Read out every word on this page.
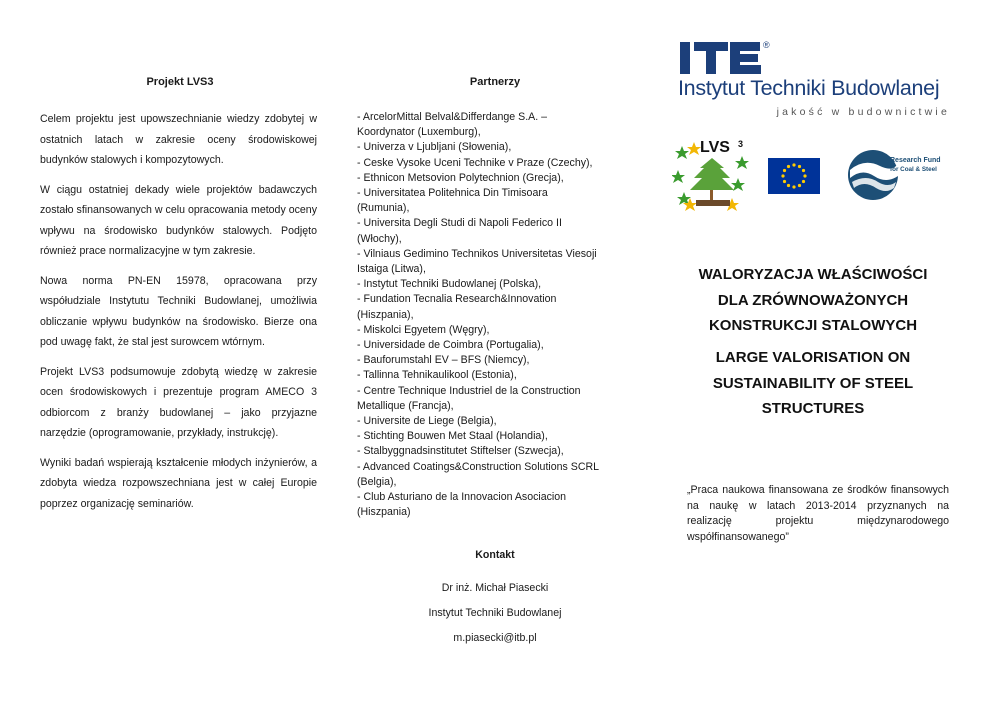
Projekt LVS3

Celem projektu jest upowszechnianie wiedzy zdobytej w ostatnich latach w zakresie oceny środowiskowej budynków stalowych i kompozytowych.

W ciągu ostatniej dekady wiele projektów badawczych zostało sfinansowanych w celu opracowania metody oceny wpływu na środowisko budynków stalowych. Podjęto również prace normalizacyjne w tym zakresie.

Nowa norma PN-EN 15978, opracowana przy współudziale Instytutu Techniki Budowlanej, umożliwia obliczanie wpływu budynków na środowisko. Bierze ona pod uwagę fakt, że stal jest surowcem wtórnym.

Projekt LVS3 podsumowuje zdobytą wiedzę w zakresie ocen środowiskowych i prezentuje program AMECO 3 odbiorcom z branży budowlanej – jako przyjazne narzędzie (oprogramowanie, przykłady, instrukcję).

Wyniki badań wspierają kształcenie młodych inżynierów, a zdobyta wiedza rozpowszechniana jest w całej Europie poprzez organizację seminariów.

Partnerzy
- ArcelorMittal Belval&Differdange S.A. –
Koordynator (Luxemburg),
- Univerza v Ljubljani (Słowenia),
- Ceske Vysoke Uceni Technike v Praze (Czechy),
- Ethnicon Metsovion Polytechnion (Grecja),
- Universitatea Politehnica Din Timisoara
(Rumunia),
- Universita Degli Studi di Napoli Federico II
(Włochy),
- Vilniaus Gedimino Technikos Universitetas Viesoji
Istaiga (Litwa),
- Instytut Techniki Budowlanej (Polska),
- Fundation Tecnalia Research&Innovation
(Hiszpania),
- Miskolci Egyetem (Węgry),
- Universidade de Coimbra (Portugalia),
- Bauforumstahl EV – BFS (Niemcy),
- Tallinna Tehnikaulikool (Estonia),
- Centre Technique Industriel de la Construction
Metallique (Francja),
- Universite de Liege (Belgia),
- Stichting Bouwen Met Staal (Holandia),
- Stalbyggnadsinstitutet Stiftelser (Szwecja),
- Advanced Coatings&Construction Solutions SCRL
(Belgia),
- Club Asturiano de la Innovacion Asociacion
(Hiszpania)
Kontakt
Dr inż. Michał Piasecki
Instytut Techniki Budowlanej
m.piasecki@itb.pl
®
Instytut Techniki Budowlanej
jakość w budownictwie
LVS 3
Research Fund
for Coal & Steel
WALORYZACJA WŁAŚCIWOŚCI
DLA ZRÓWNOWAŻONYCH
KONSTRUKCJI STALOWYCH
LARGE VALORISATION ON
SUSTAINABILITY OF STEEL
STRUCTURES
„Praca naukowa finansowana ze środków finansowych na naukę w latach 2013-2014 przyznanych na realizację projektu międzynarodowego współfinansowanego”
